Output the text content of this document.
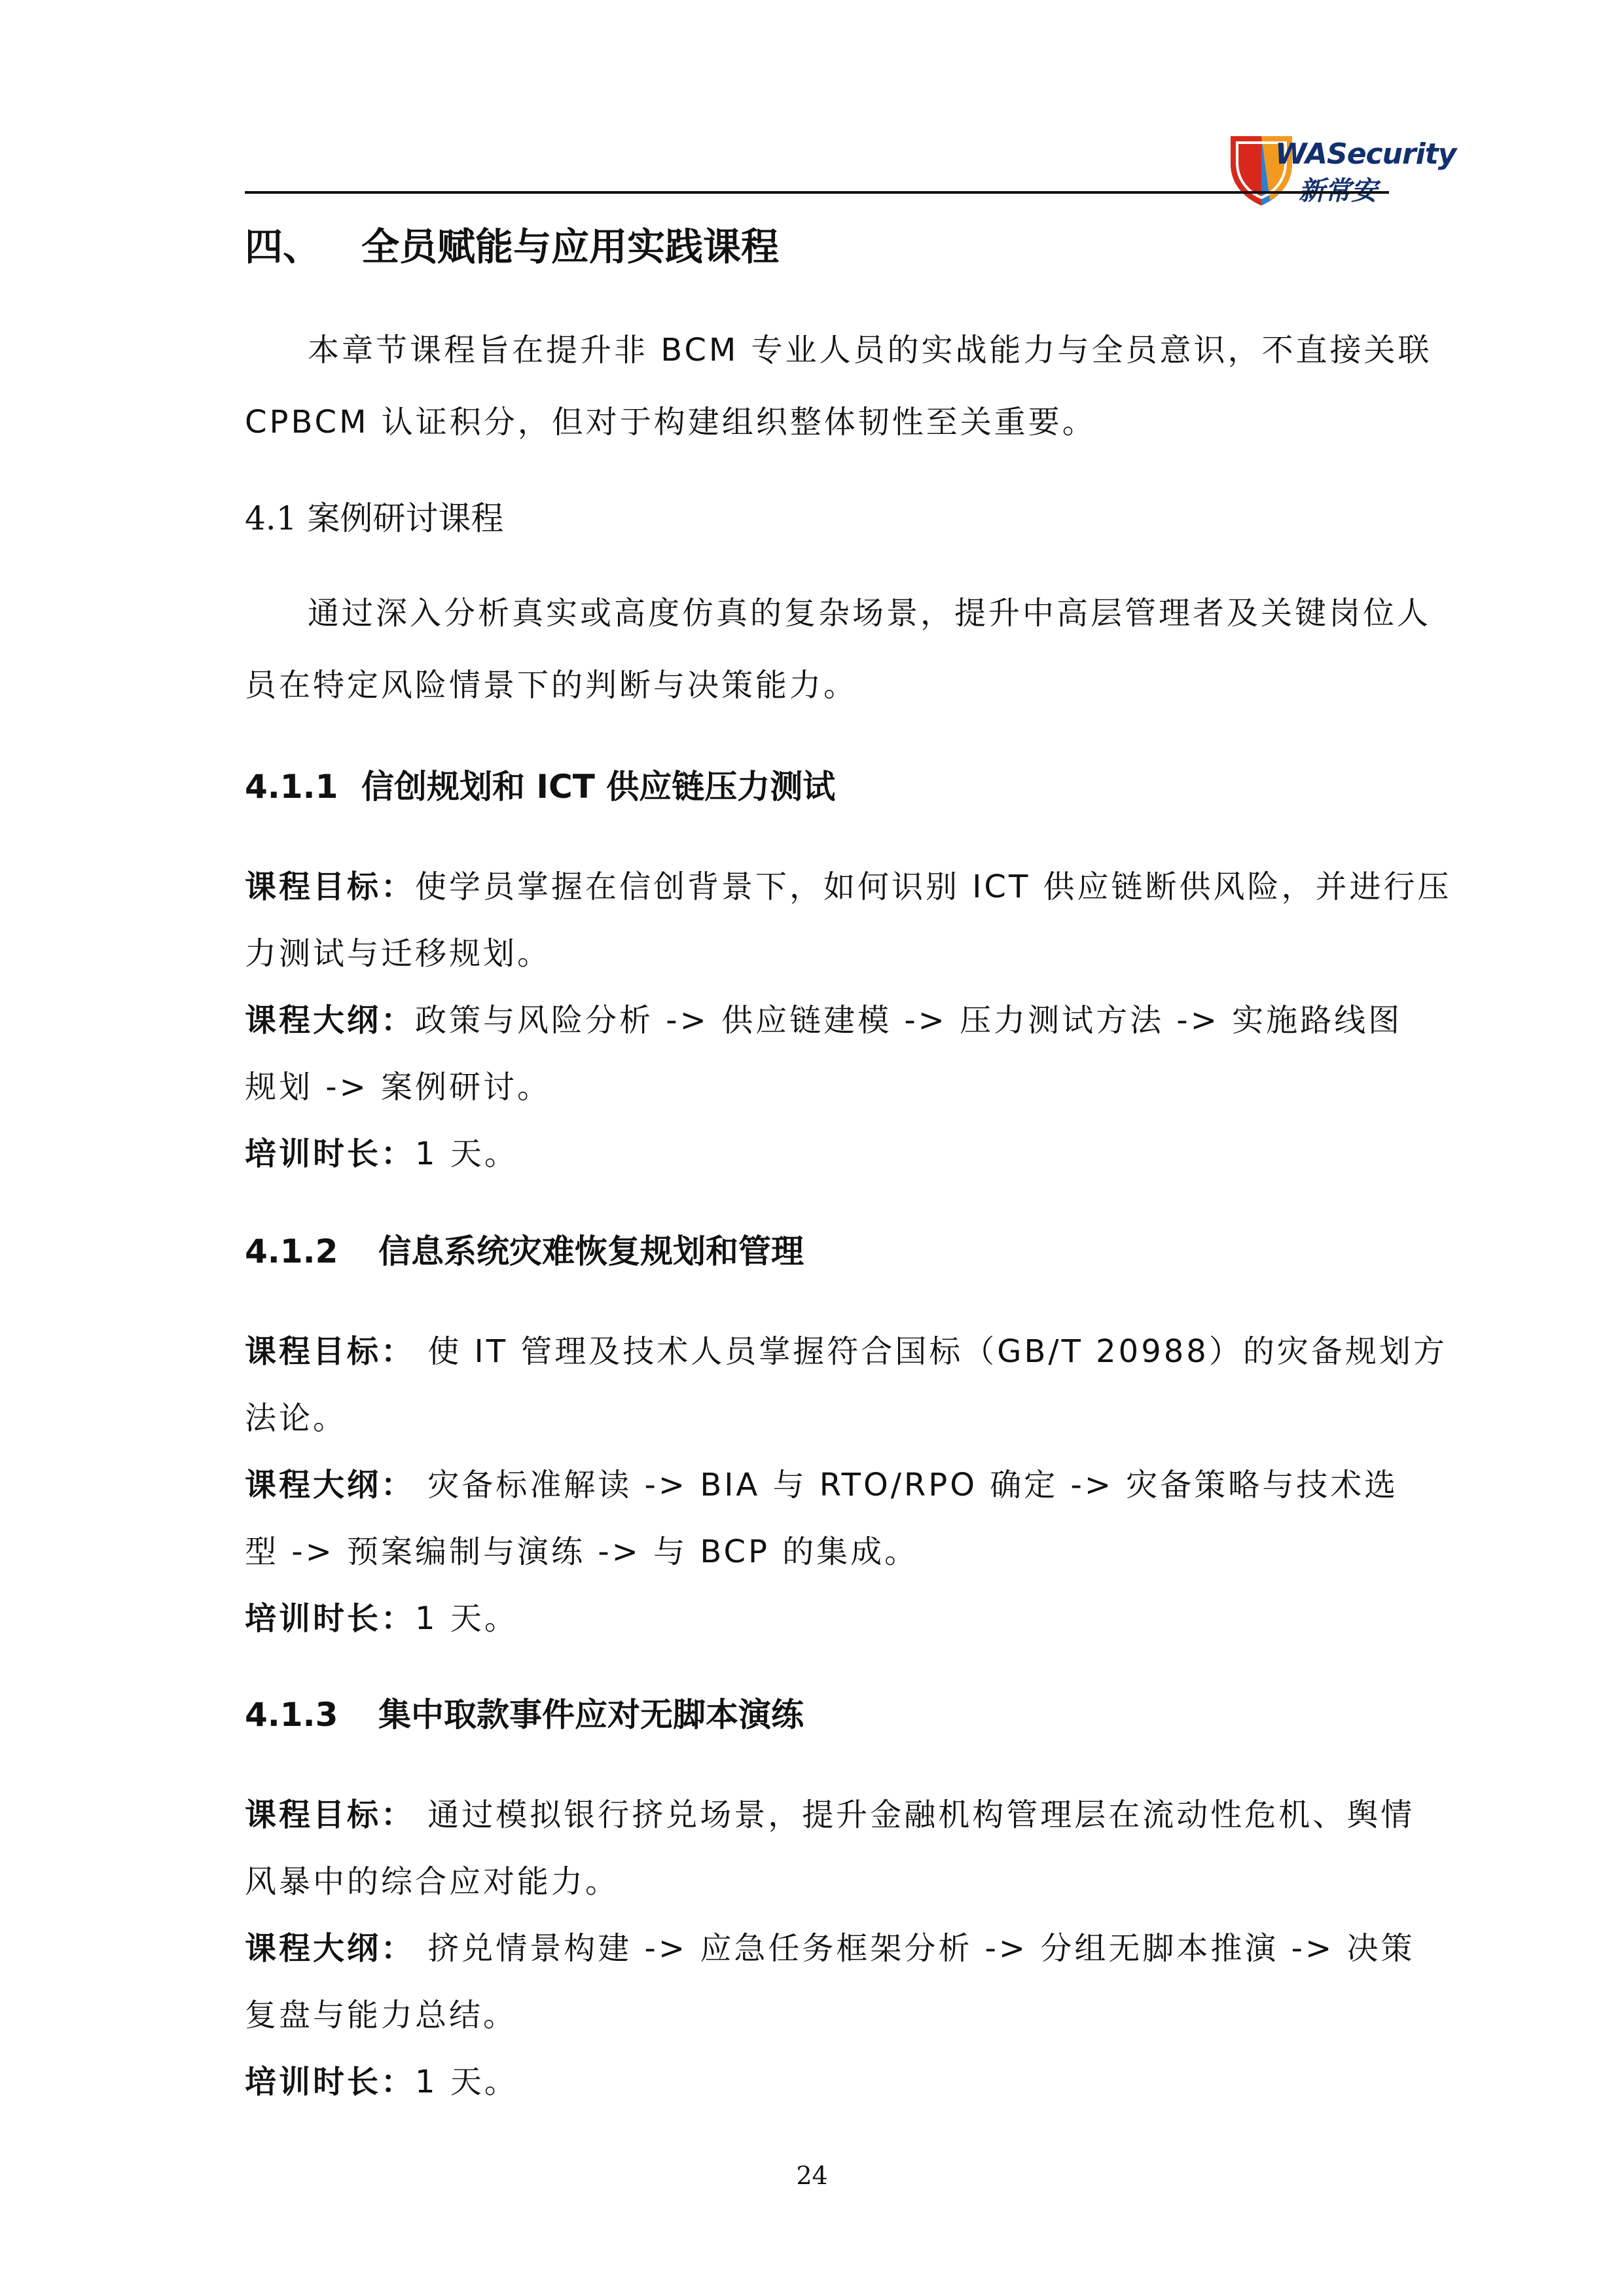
WASecurity
新常安
四、 全员赋能与应用实践课程
本章节课程旨在提升非 BCM 专业人员的实战能力与全员意识，不直接关联
CPBCM 认证积分，但对于构建组织整体韧性至关重要。
4.1 案例研讨课程
通过深入分析真实或高度仿真的复杂场景，提升中高层管理者及关键岗位人
员在特定风险情景下的判断与决策能力。
4.1.1 信创规划和 ICT 供应链压力测试
课程目标：使学员掌握在信创背景下，如何识别 ICT 供应链断供风险，并进行压
力测试与迁移规划。
课程大纲：政策与风险分析 -> 供应链建模 -> 压力测试方法 -> 实施路线图
规划 -> 案例研讨。
培训时长：1 天。
4.1.2 信息系统灾难恢复规划和管理
课程目标： 使 IT 管理及技术人员掌握符合国标（GB/T 20988）的灾备规划方
法论。
课程大纲： 灾备标准解读 -> BIA 与 RTO/RPO 确定 -> 灾备策略与技术选
型 -> 预案编制与演练 -> 与 BCP 的集成。
培训时长：1 天。
4.1.3 集中取款事件应对无脚本演练
课程目标： 通过模拟银行挤兑场景，提升金融机构管理层在流动性危机、舆情
风暴中的综合应对能力。
课程大纲： 挤兑情景构建 -> 应急任务框架分析 -> 分组无脚本推演 -> 决策
复盘与能力总结。
培训时长：1 天。
24
